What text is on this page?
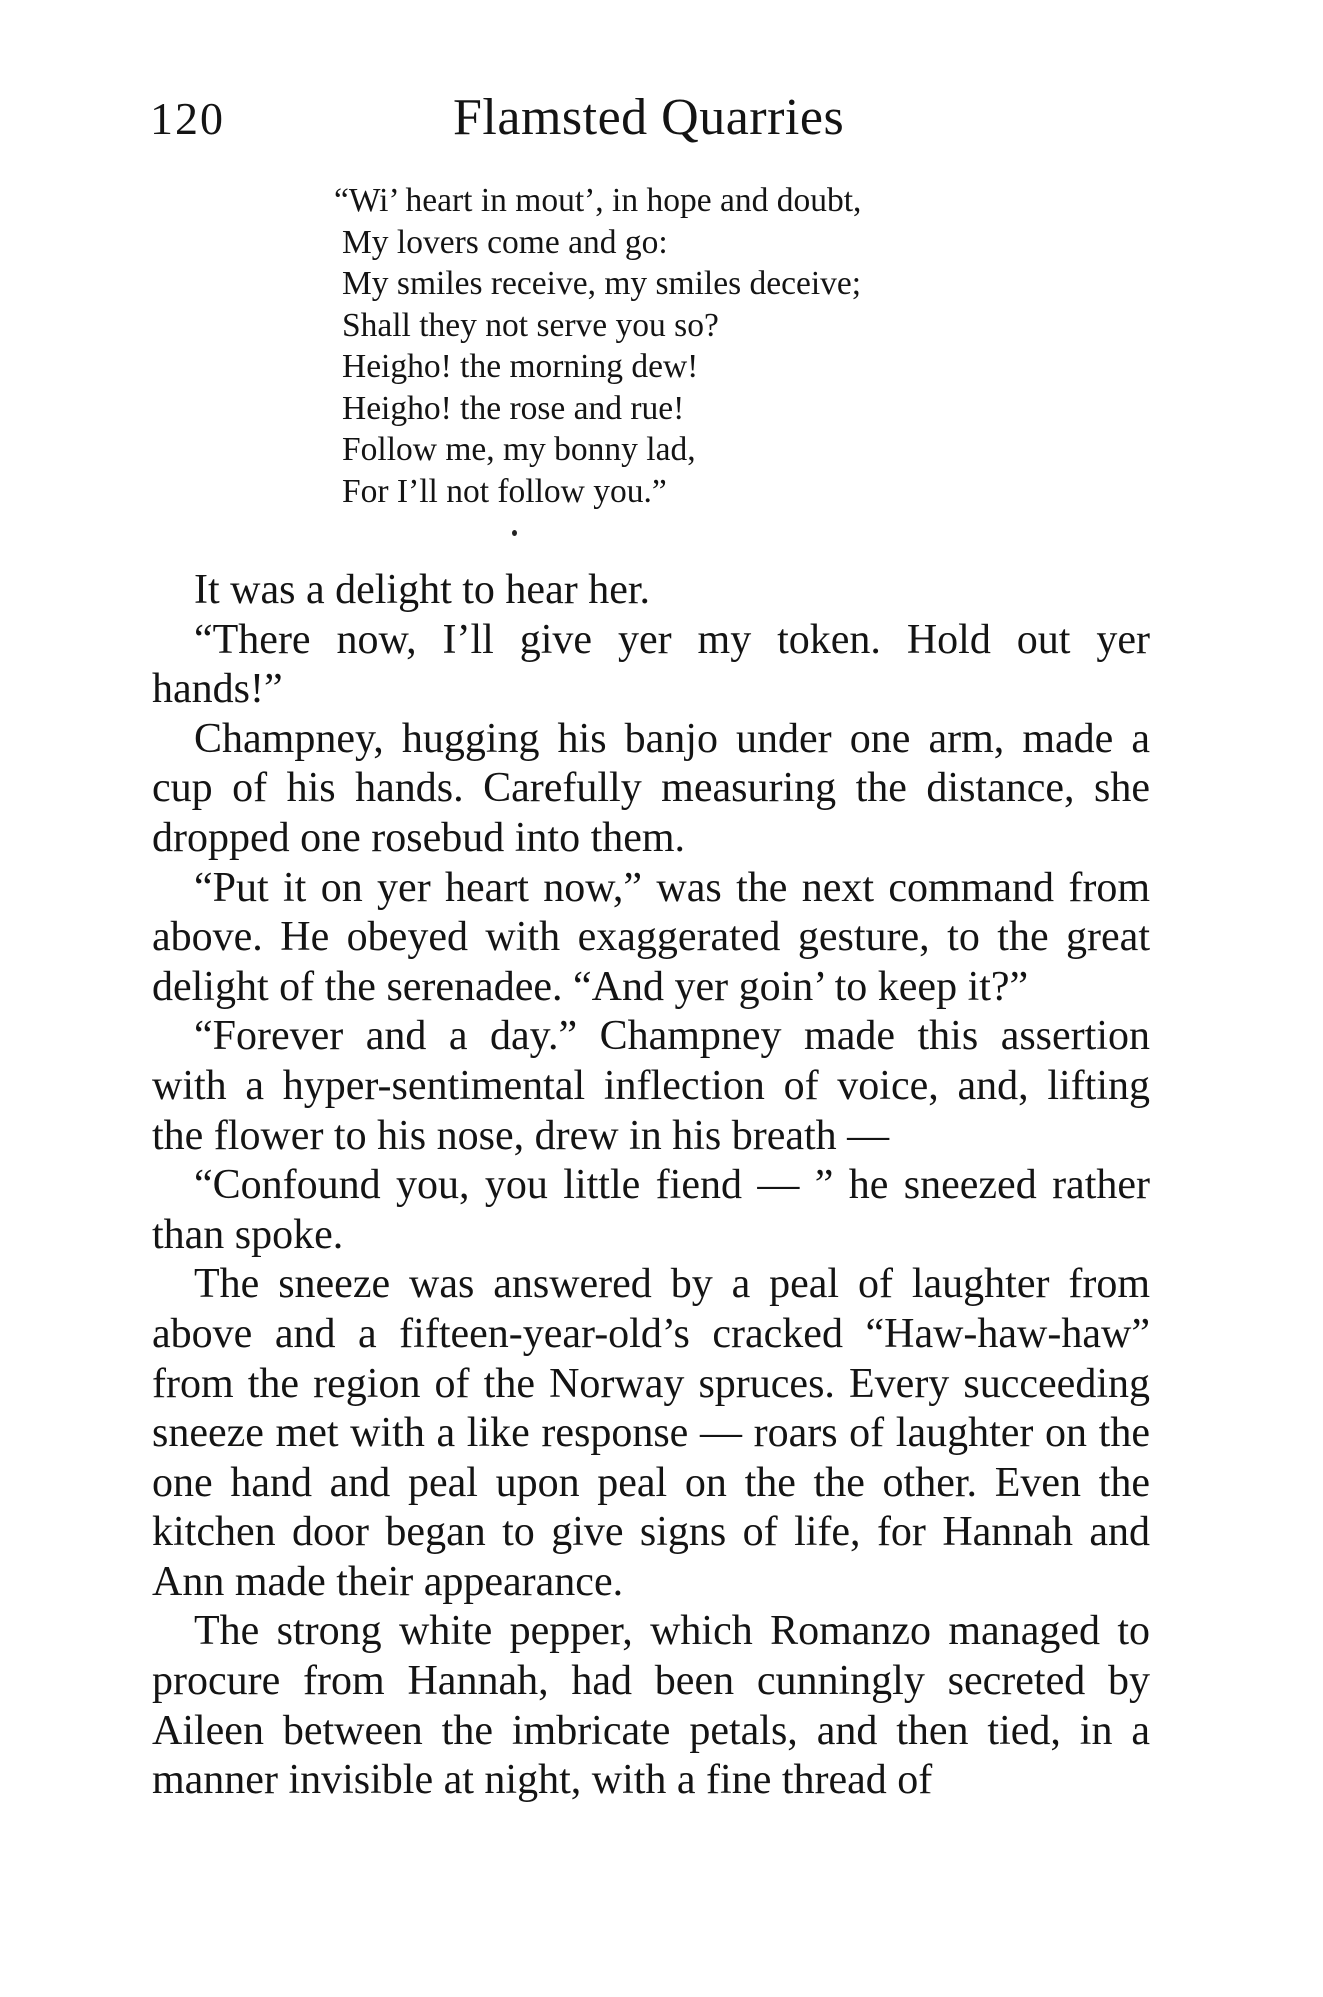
120	Flamsted Quarries
“Wi’ heart in mout’, in hope and doubt,
My lovers come and go:
My smiles receive, my smiles deceive;
Shall they not serve you so?
Heigho! the morning dew!
Heigho! the rose and rue!
Follow me, my bonny lad,
For I’ll not follow you.”

It was a delight to hear her.

“There now, I’ll give yer my token. Hold out yer hands!”

Champney, hugging his banjo under one arm, made a cup of his hands. Carefully measuring the distance, she dropped one rosebud into them.

“Put it on yer heart now,” was the next command from above. He obeyed with exaggerated gesture, to the great delight of the serenadee. “And yer goin’ to keep it?”

“Forever and a day.” Champney made this assertion with a hyper-sentimental inflection of voice, and, lifting the flower to his nose, drew in his breath —

“Confound you, you little fiend — ” he sneezed rather than spoke.

The sneeze was answered by a peal of laughter from above and a fifteen-year-old’s cracked “Haw-haw-haw” from the region of the Norway spruces. Every succeeding sneeze met with a like response — roars of laughter on the one hand and peal upon peal on the the other. Even the kitchen door began to give signs of life, for Hannah and Ann made their appearance.

The strong white pepper, which Romanzo managed to procure from Hannah, had been cunningly secreted by Aileen between the imbricate petals, and then tied, in a manner invisible at night, with a fine thread of
